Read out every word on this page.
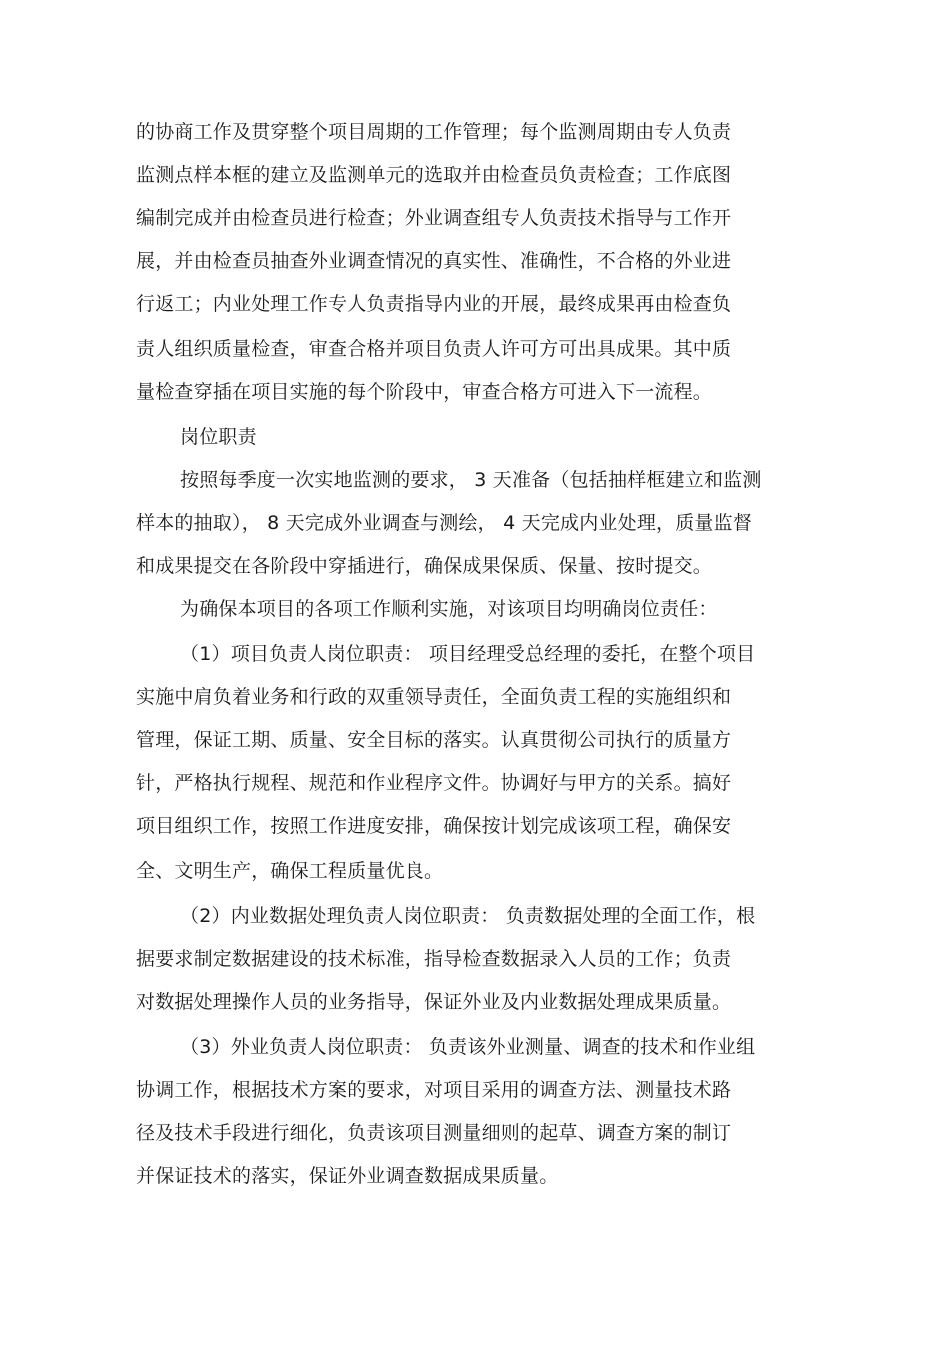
的协商工作及贯穿整个项目周期的工作管理；每个监测周期由专人负责
监测点样本框的建立及监测单元的选取并由检查员负责检查；工作底图
编制完成并由检查员进行检查；外业调查组专人负责技术指导与工作开
展，并由检查员抽查外业调查情况的真实性、准确性，不合格的外业进
行返工；内业处理工作专人负责指导内业的开展，最终成果再由检查负
责人组织质量检查，审查合格并项目负责人许可方可出具成果。其中质
量检查穿插在项目实施的每个阶段中，审查合格方可进入下一流程。
岗位职责
按照每季度一次实地监测的要求， 3 天准备（包括抽样框建立和监测
样本的抽取）， 8 天完成外业调查与测绘， 4 天完成内业处理，质量监督
和成果提交在各阶段中穿插进行，确保成果保质、保量、按时提交。
为确保本项目的各项工作顺利实施，对该项目均明确岗位责任：
（1）项目负责人岗位职责： 项目经理受总经理的委托，在整个项目
实施中肩负着业务和行政的双重领导责任，全面负责工程的实施组织和
管理，保证工期、质量、安全目标的落实。认真贯彻公司执行的质量方
针，严格执行规程、规范和作业程序文件。协调好与甲方的关系。搞好
项目组织工作，按照工作进度安排，确保按计划完成该项工程，确保安
全、文明生产，确保工程质量优良。
（2）内业数据处理负责人岗位职责： 负责数据处理的全面工作，根
据要求制定数据建设的技术标准，指导检查数据录入人员的工作；负责
对数据处理操作人员的业务指导，保证外业及内业数据处理成果质量。
（3）外业负责人岗位职责： 负责该外业测量、调查的技术和作业组
协调工作，根据技术方案的要求，对项目采用的调查方法、测量技术路
径及技术手段进行细化，负责该项目测量细则的起草、调查方案的制订
并保证技术的落实，保证外业调查数据成果质量。
